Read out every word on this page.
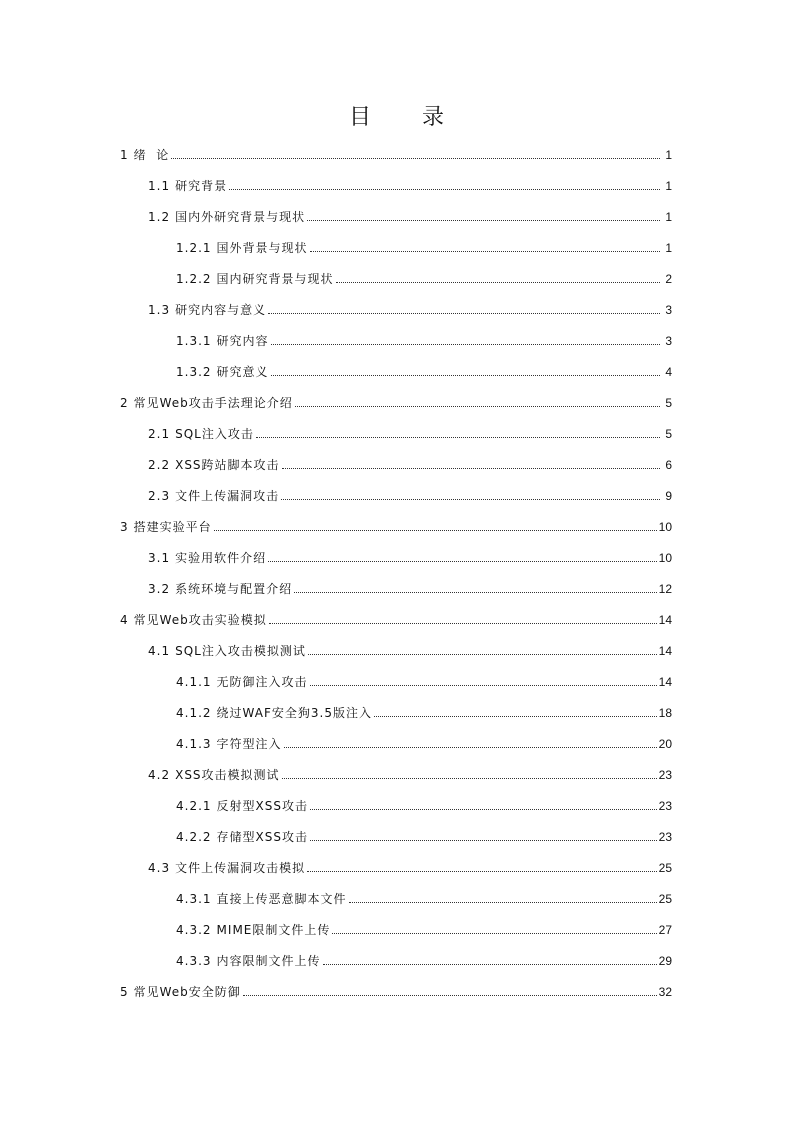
目 录
1 绪  论	1
1.1 研究背景	1
1.2 国内外研究背景与现状	1
1.2.1 国外背景与现状	1
1.2.2 国内研究背景与现状	2
1.3 研究内容与意义	3
1.3.1 研究内容	3
1.3.2 研究意义	4
2 常见Web攻击手法理论介绍	5
2.1 SQL注入攻击	5
2.2 XSS跨站脚本攻击	6
2.3 文件上传漏洞攻击	9
3 搭建实验平台	10
3.1 实验用软件介绍	10
3.2 系统环境与配置介绍	12
4 常见Web攻击实验模拟	14
4.1 SQL注入攻击模拟测试	14
4.1.1 无防御注入攻击	14
4.1.2 绕过WAF安全狗3.5版注入	18
4.1.3 字符型注入	20
4.2 XSS攻击模拟测试	23
4.2.1 反射型XSS攻击	23
4.2.2 存储型XSS攻击	23
4.3 文件上传漏洞攻击模拟	25
4.3.1 直接上传恶意脚本文件	25
4.3.2 MIME限制文件上传	27
4.3.3 内容限制文件上传	29
5 常见Web安全防御	32
